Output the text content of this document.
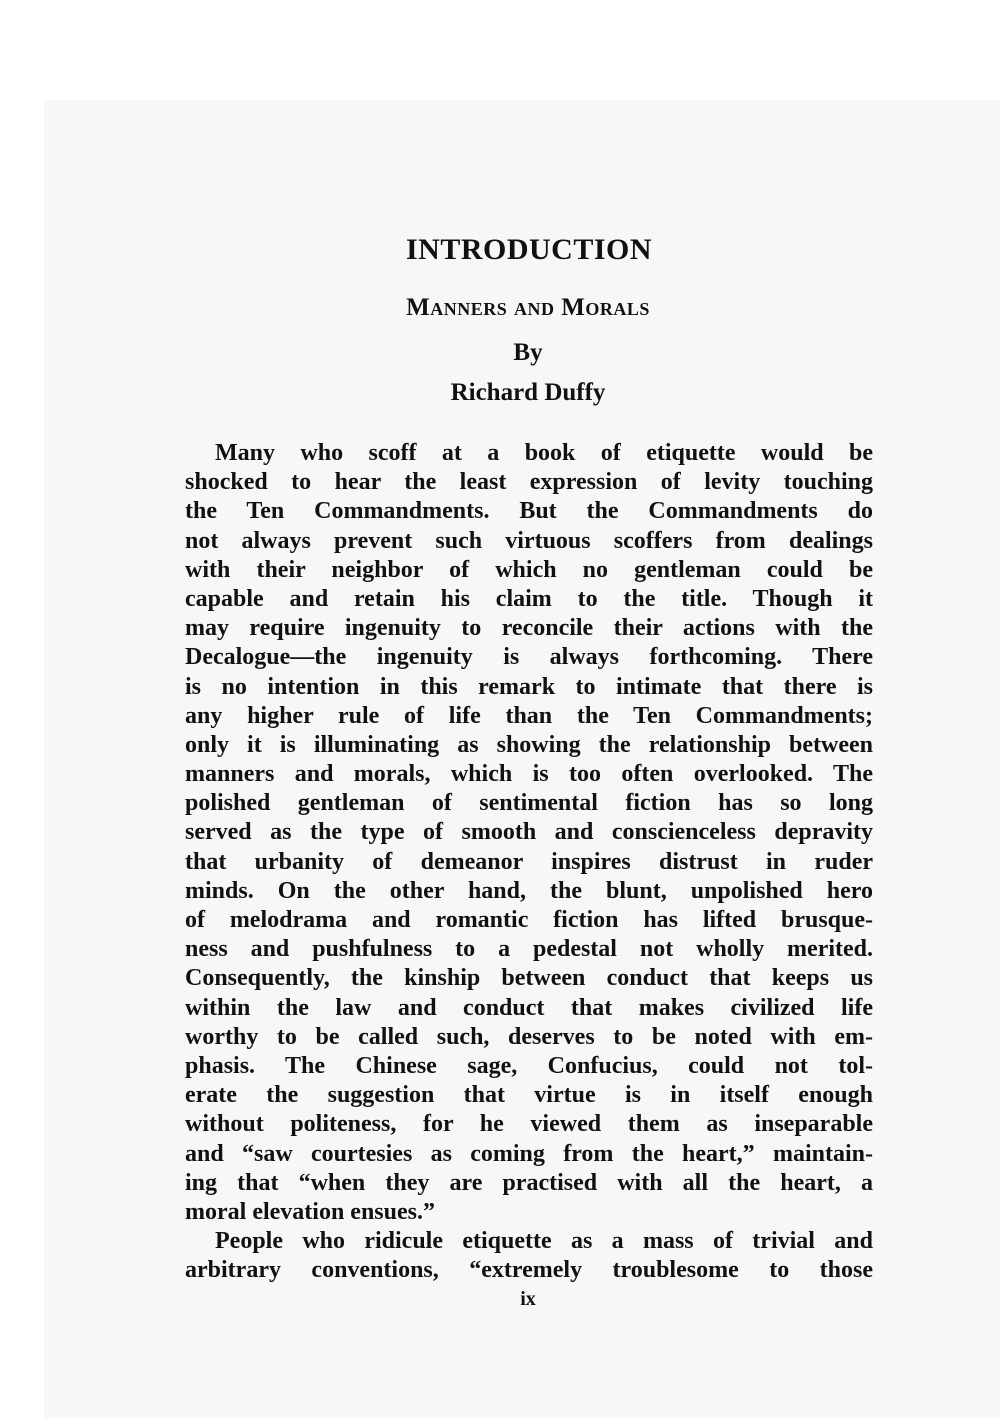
INTRODUCTION
Manners and Morals
By
Richard Duffy
Many who scoff at a book of etiquette would be
shocked to hear the least expression of levity touching
the Ten Commandments. But the Commandments do
not always prevent such virtuous scoffers from dealings
with their neighbor of which no gentleman could be
capable and retain his claim to the title. Though it
may require ingenuity to reconcile their actions with the
Decalogue—the ingenuity is always forthcoming. There
is no intention in this remark to intimate that there is
any higher rule of life than the Ten Commandments;
only it is illuminating as showing the relationship between
manners and morals, which is too often overlooked. The
polished gentleman of sentimental fiction has so long
served as the type of smooth and conscienceless depravity
that urbanity of demeanor inspires distrust in ruder
minds. On the other hand, the blunt, unpolished hero
of melodrama and romantic fiction has lifted brusque-
ness and pushfulness to a pedestal not wholly merited.
Consequently, the kinship between conduct that keeps us
within the law and conduct that makes civilized life
worthy to be called such, deserves to be noted with em-
phasis. The Chinese sage, Confucius, could not tol-
erate the suggestion that virtue is in itself enough
without politeness, for he viewed them as inseparable
and “saw courtesies as coming from the heart,” maintain-
ing that “when they are practised with all the heart, a
moral elevation ensues.”
People who ridicule etiquette as a mass of trivial and
arbitrary conventions, “extremely troublesome to those
ix
